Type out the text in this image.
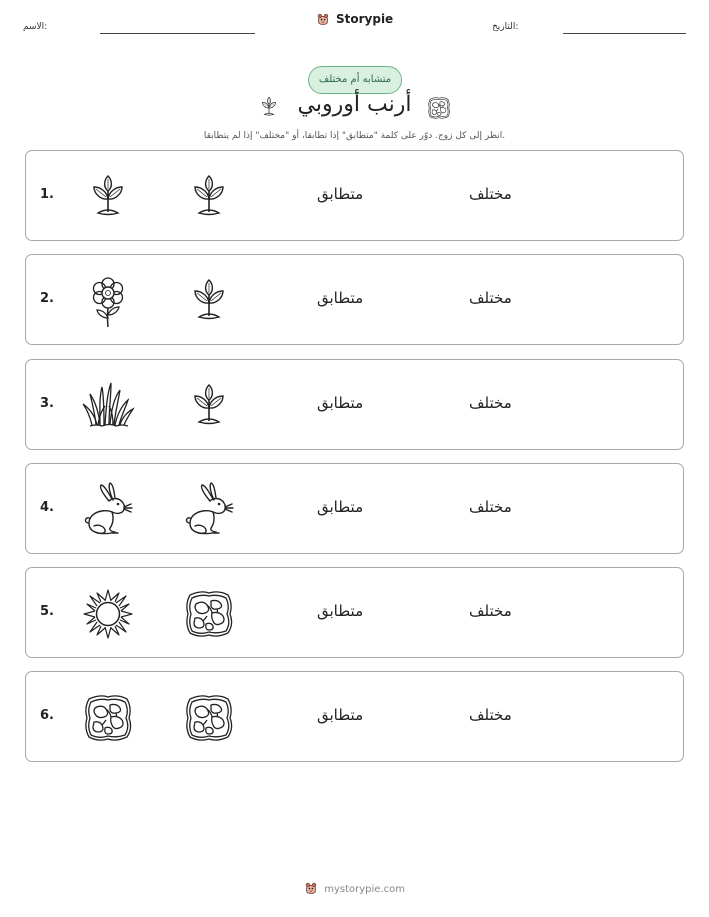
الاسم:
Storypie
التاريخ:
متشابه أم مختلف
أرنب أوروبي
انظر إلى كل زوج. دوّر على كلمة "متطابق" إذا تطابقا، أو "مختلف" إذا لم يتطابقا.
1.	متطابق	مختلف
2.	متطابق	مختلف
3.	متطابق	مختلف
4.	متطابق	مختلف
5.	متطابق	مختلف
6.	متطابق	مختلف
mystorypie.com
